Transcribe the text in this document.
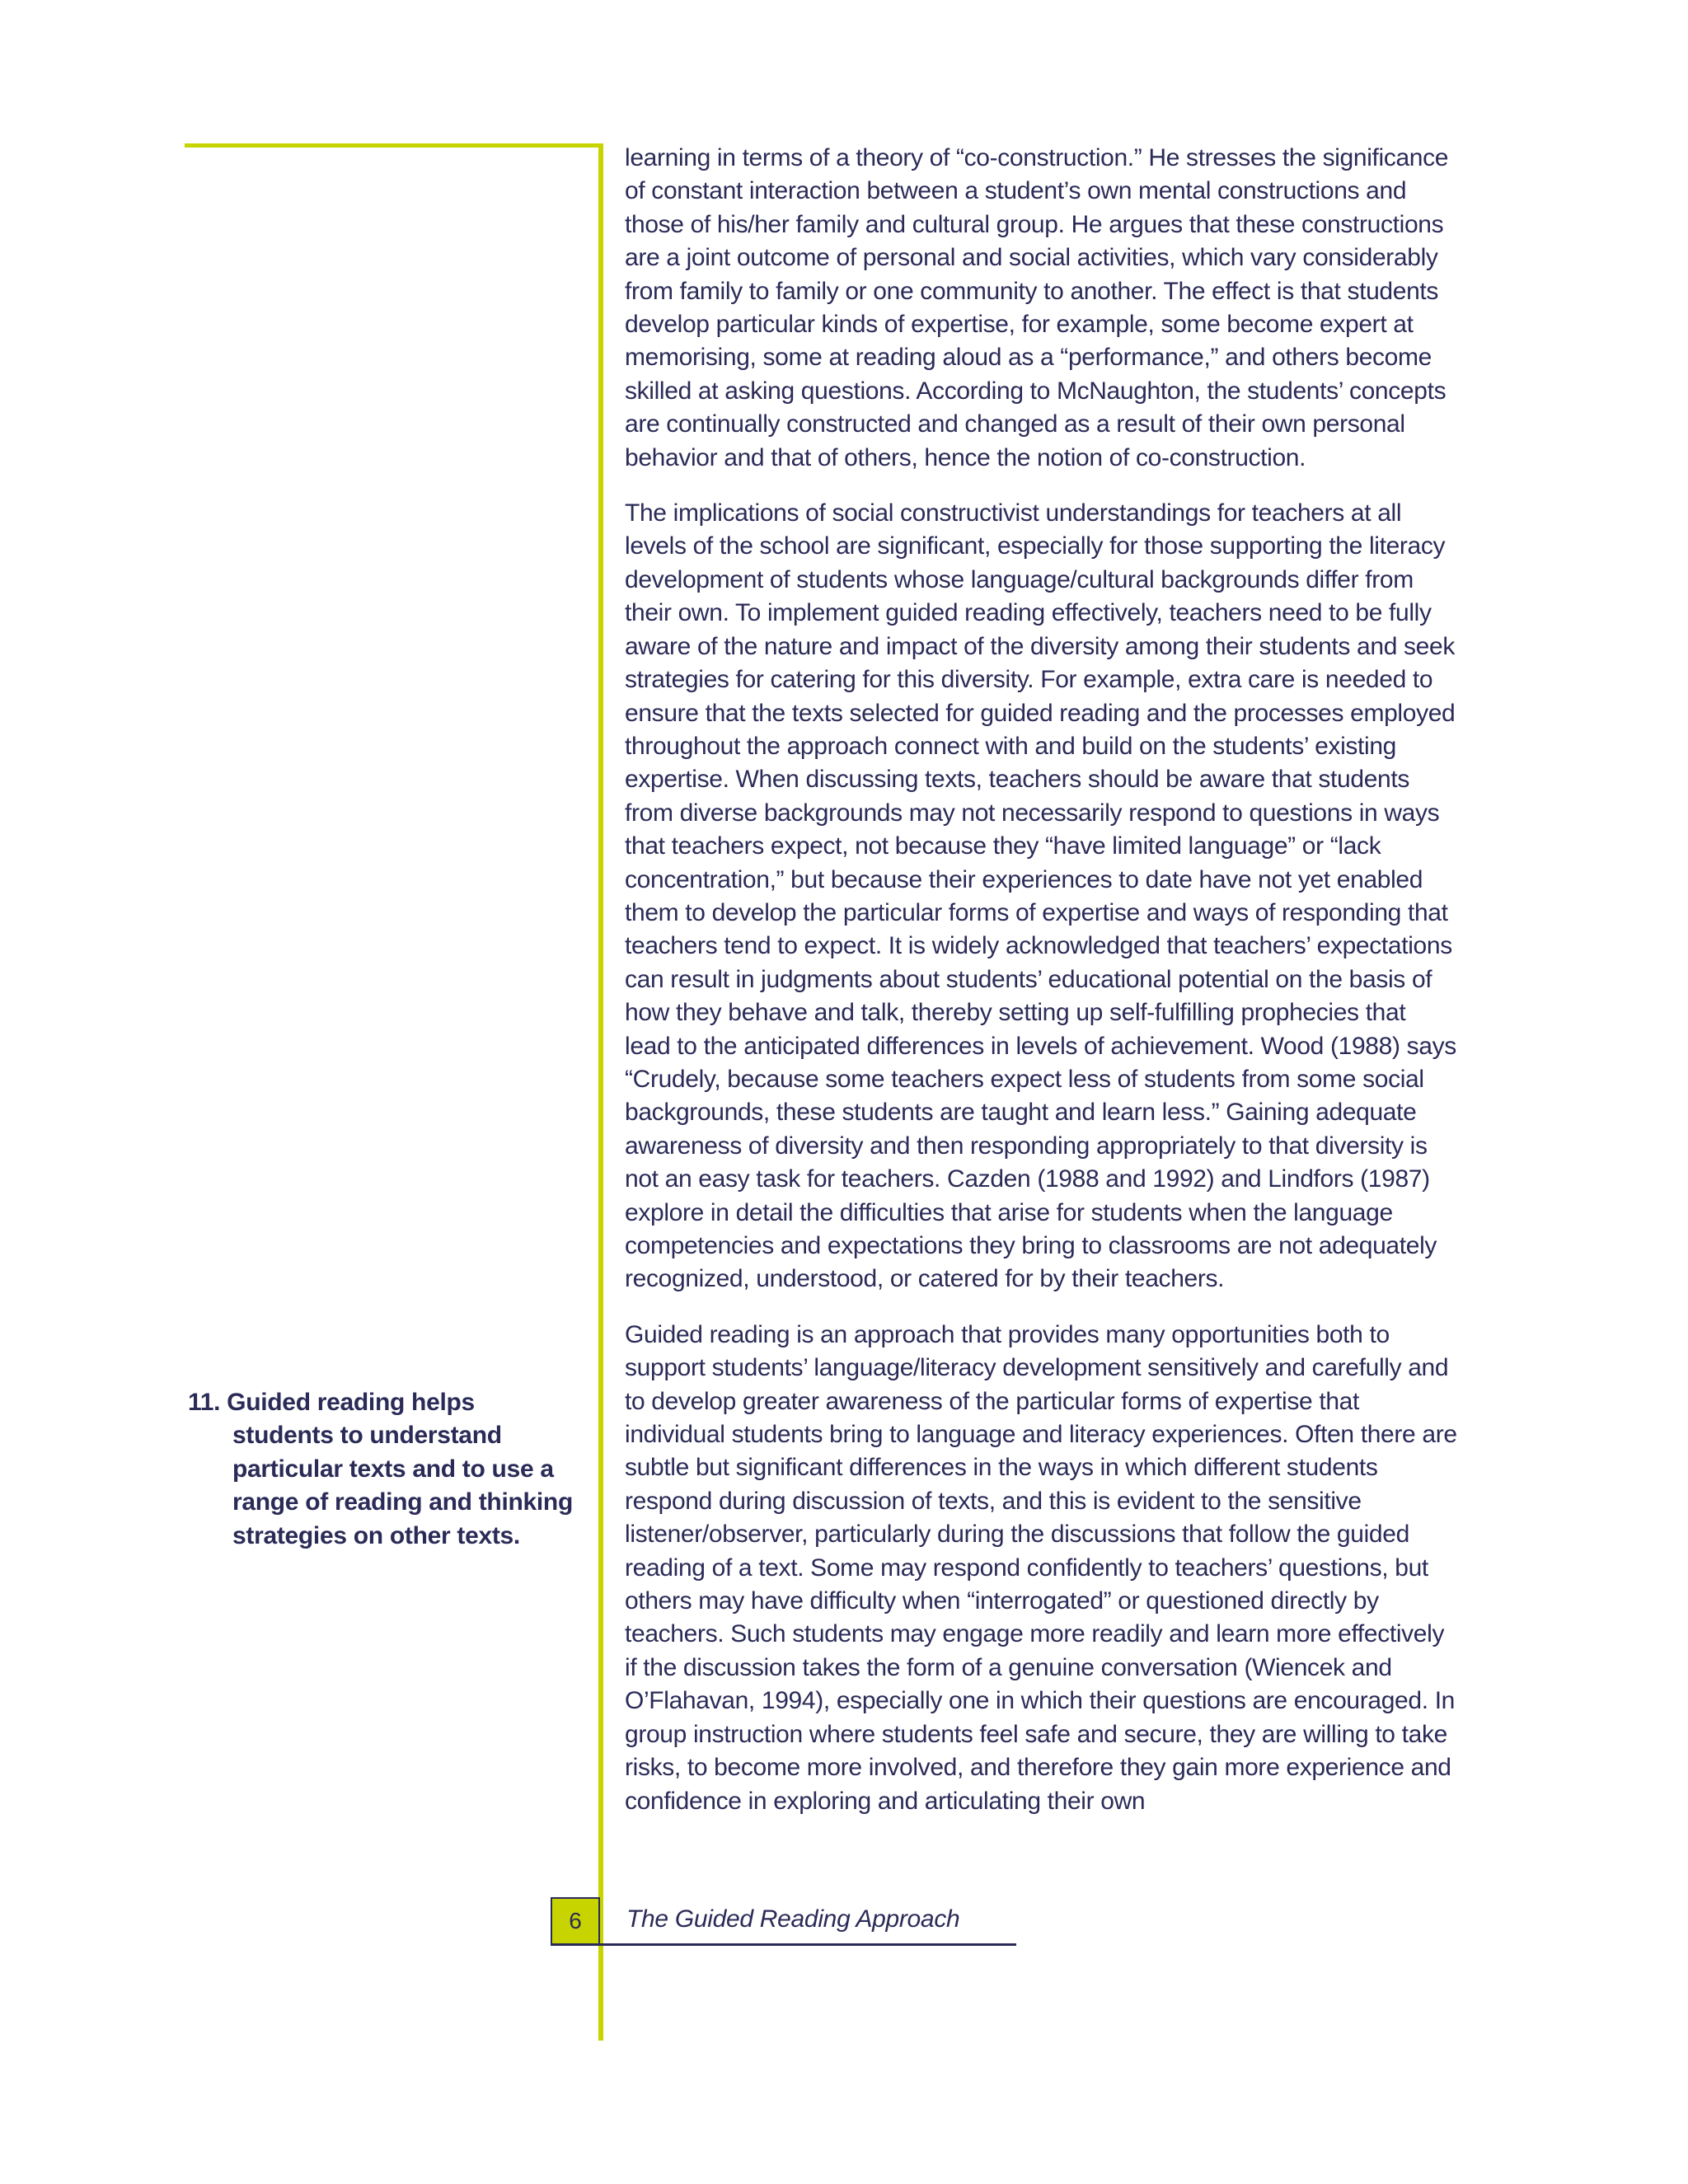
learning in terms of a theory of “co-construction.” He stresses the significance of constant interaction between a student’s own mental constructions and those of his/her family and cultural group. He argues that these constructions are a joint outcome of personal and social activities, which vary considerably from family to family or one community to another. The effect is that students develop particular kinds of expertise, for example, some become expert at memorising, some at reading aloud as a “performance,” and others become skilled at asking questions. According to McNaughton, the students’ concepts are continually constructed and changed as a result of their own personal behavior and that of others, hence the notion of co-construction.

The implications of social constructivist understandings for teachers at all levels of the school are significant, especially for those supporting the literacy development of students whose language/cultural backgrounds differ from their own. To implement guided reading effectively, teachers need to be fully aware of the nature and impact of the diversity among their students and seek strategies for catering for this diversity. For example, extra care is needed to ensure that the texts selected for guided reading and the processes employed throughout the approach connect with and build on the students’ existing expertise. When discussing texts, teachers should be aware that students from diverse backgrounds may not necessarily respond to questions in ways that teachers expect, not because they “have limited language” or “lack concentration,” but because their experiences to date have not yet enabled them to develop the particular forms of expertise and ways of responding that teachers tend to expect. It is widely acknowledged that teachers’ expectations can result in judgments about students’ educational potential on the basis of how they behave and talk, thereby setting up self-fulfilling prophecies that lead to the anticipated differences in levels of achievement. Wood (1988) says “Crudely, because some teachers expect less of students from some social backgrounds, these students are taught and learn less.” Gaining adequate awareness of diversity and then responding appropriately to that diversity is not an easy task for teachers. Cazden (1988 and 1992) and Lindfors (1987) explore in detail the difficulties that arise for students when the language competencies and expectations they bring to classrooms are not adequately recognized, understood, or catered for by their teachers.

Guided reading is an approach that provides many opportunities both to support students’ language/literacy development sensitively and carefully and to develop greater awareness of the particular forms of expertise that individual students bring to language and literacy experiences. Often there are subtle but significant differences in the ways in which different students respond during discussion of texts, and this is evident to the sensitive listener/observer, particularly during the discussions that follow the guided reading of a text. Some may respond confidently to teachers’ questions, but others may have difficulty when “interrogated” or questioned directly by teachers. Such students may engage more readily and learn more effectively if the discussion takes the form of a genuine conversation (Wiencek and O’Flahavan, 1994), especially one in which their questions are encouraged. In group instruction where students feel safe and secure, they are willing to take risks, to become more involved, and therefore they gain more experience and confidence in exploring and articulating their own

11. Guided reading helps students to understand particular texts and to use a range of reading and thinking strategies on other texts.
6	The Guided Reading Approach
